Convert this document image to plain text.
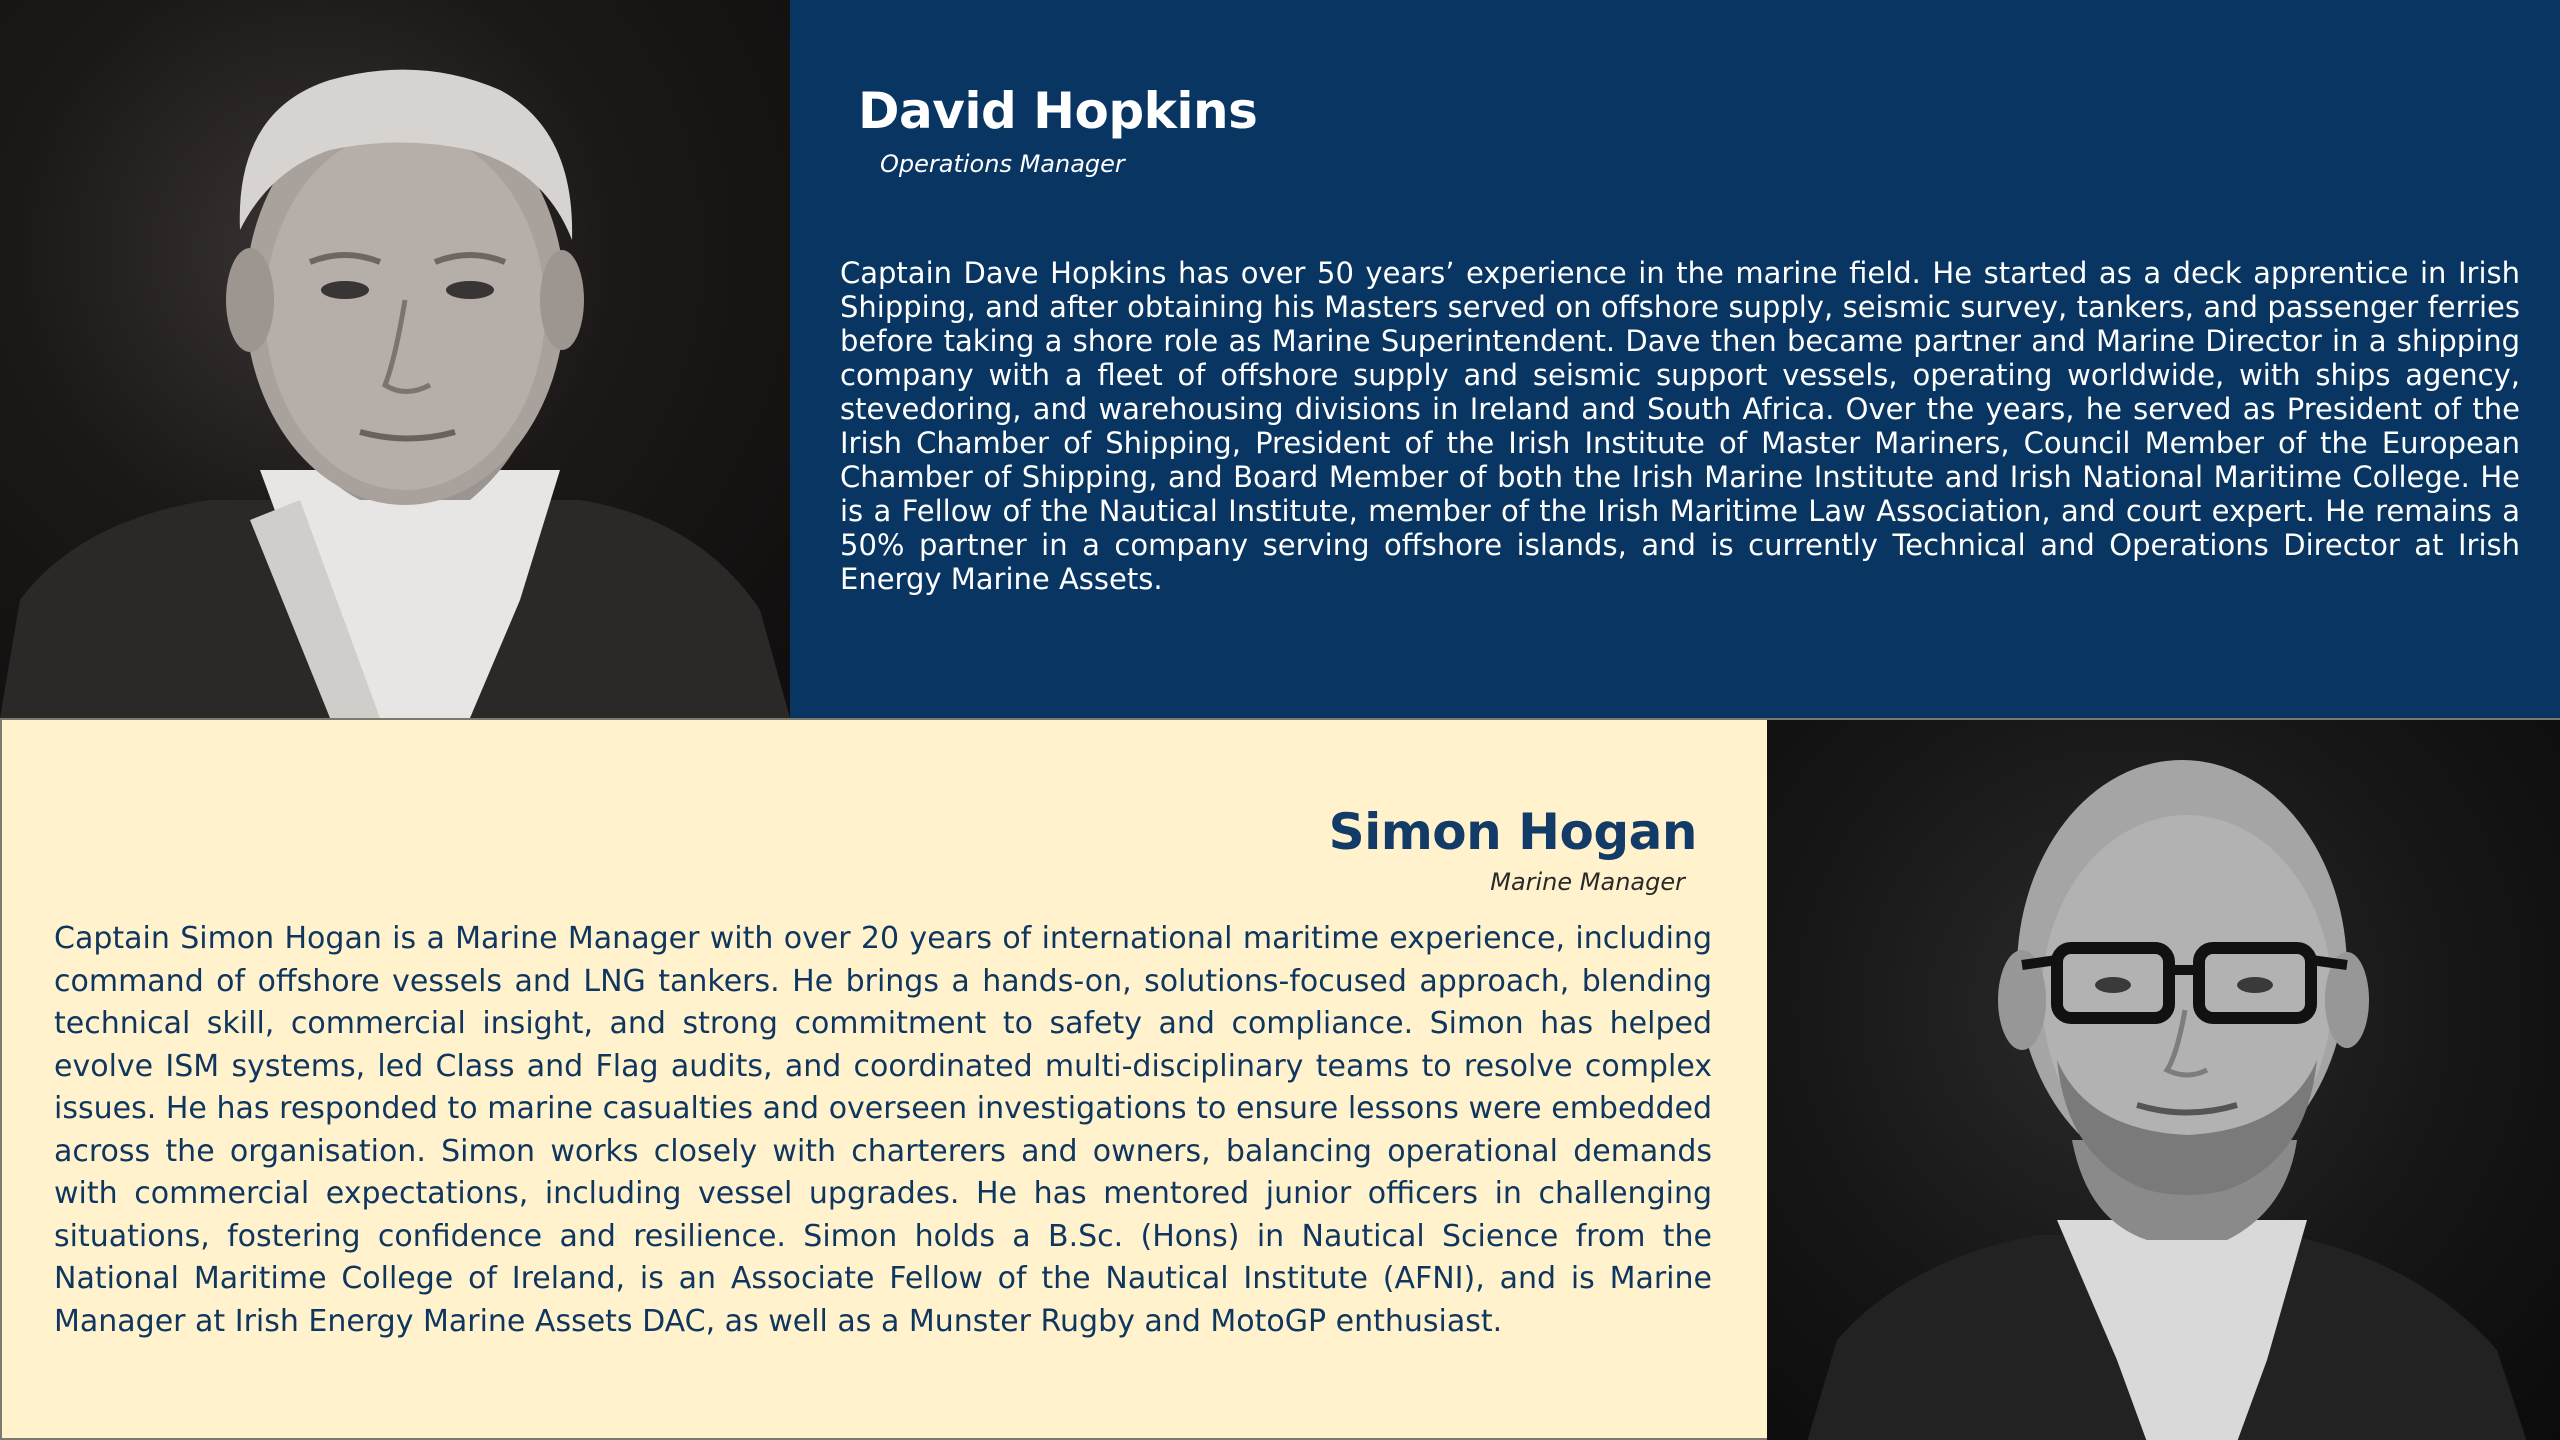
David Hopkins

Operations Manager

Captain Dave Hopkins has over 50 years’ experience in the marine field. He started as a deck apprentice in Irish Shipping, and after obtaining his Masters served on offshore supply, seismic survey, tankers, and passenger ferries before taking a shore role as Marine Superintendent. Dave then became partner and Marine Director in a shipping company with a fleet of offshore supply and seismic support vessels, operating worldwide, with ships agency, stevedoring, and warehousing divisions in Ireland and South Africa. Over the years, he served as President of the Irish Chamber of Shipping, President of the Irish Institute of Master Mariners, Council Member of the European Chamber of Shipping, and Board Member of both the Irish Marine Institute and Irish National Maritime College. He is a Fellow of the Nautical Institute, member of the Irish Maritime Law Association, and court expert. He remains a 50% partner in a company serving offshore islands, and is currently Technical and Operations Director at Irish Energy Marine Assets.

Simon Hogan

Marine Manager

Captain Simon Hogan is a Marine Manager with over 20 years of international maritime experience, including command of offshore vessels and LNG tankers. He brings a hands-on, solutions-focused approach, blending technical skill, commercial insight, and strong commitment to safety and compliance. Simon has helped evolve ISM systems, led Class and Flag audits, and coordinated multi-disciplinary teams to resolve complex issues. He has responded to marine casualties and overseen investigations to ensure lessons were embedded across the organisation. Simon works closely with charterers and owners, balancing operational demands with commercial expectations, including vessel upgrades. He has mentored junior officers in challenging situations, fostering confidence and resilience. Simon holds a B.Sc. (Hons) in Nautical Science from the National Maritime College of Ireland, is an Associate Fellow of the Nautical Institute (AFNI), and is Marine Manager at Irish Energy Marine Assets DAC, as well as a Munster Rugby and MotoGP enthusiast.
